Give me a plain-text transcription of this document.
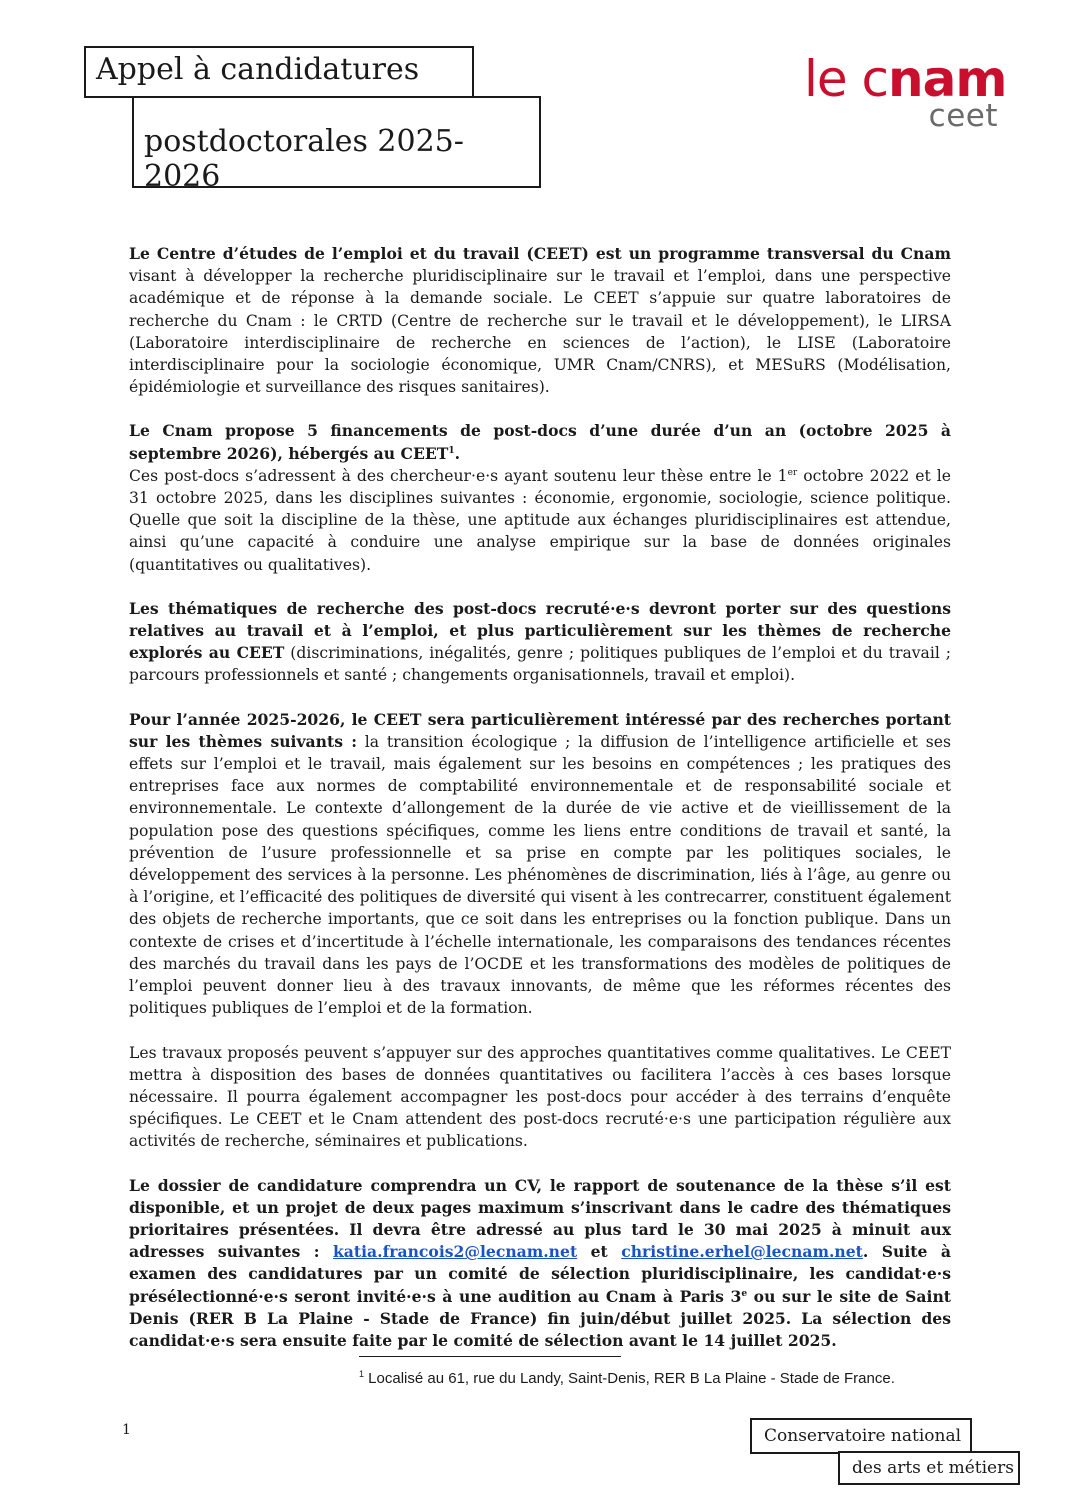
Appel à candidatures
postdoctorales 2025-2026
le cnam
ceet

Le Centre d’études de l’emploi et du travail (CEET) est un programme transversal du Cnam visant à développer la recherche pluridisciplinaire sur le travail et l’emploi, dans une perspective académique et de réponse à la demande sociale. Le CEET s’appuie sur quatre laboratoires de recherche du Cnam : le CRTD (Centre de recherche sur le travail et le développement), le LIRSA (Laboratoire interdisciplinaire de recherche en sciences de l’action), le LISE (Laboratoire interdisciplinaire pour la sociologie économique, UMR Cnam/CNRS), et MESuRS (Modélisation, épidémiologie et surveillance des risques sanitaires).

Le Cnam propose 5 financements de post-docs d’une durée d’un an (octobre 2025 à septembre 2026), hébergés au CEET$^1$.
Ces post-docs s’adressent à des chercheur·e·s ayant soutenu leur thèse entre le 1er octobre 2022 et le 31 octobre 2025, dans les disciplines suivantes : économie, ergonomie, sociologie, science politique. Quelle que soit la discipline de la thèse, une aptitude aux échanges pluridisciplinaires est attendue, ainsi qu’une capacité à conduire une analyse empirique sur la base de données originales (quantitatives ou qualitatives).

Les thématiques de recherche des post-docs recruté·e·s devront porter sur des questions relatives au travail et à l’emploi, et plus particulièrement sur les thèmes de recherche explorés au CEET (discriminations, inégalités, genre ; politiques publiques de l’emploi et du travail ; parcours professionnels et santé ; changements organisationnels, travail et emploi).

Pour l’année 2025-2026, le CEET sera particulièrement intéressé par des recherches portant sur les thèmes suivants : la transition écologique ; la diffusion de l’intelligence artificielle et ses effets sur l’emploi et le travail, mais également sur les besoins en compétences ; les pratiques des entreprises face aux normes de comptabilité environnementale et de responsabilité sociale et environnementale. Le contexte d’allongement de la durée de vie active et de vieillissement de la population pose des questions spécifiques, comme les liens entre conditions de travail et santé, la prévention de l’usure professionnelle et sa prise en compte par les politiques sociales, le développement des services à la personne. Les phénomènes de discrimination, liés à l’âge, au genre ou à l’origine, et l’efficacité des politiques de diversité qui visent à les contrecarrer, constituent également des objets de recherche importants, que ce soit dans les entreprises ou la fonction publique. Dans un contexte de crises et d’incertitude à l’échelle internationale, les comparaisons des tendances récentes des marchés du travail dans les pays de l’OCDE et les transformations des modèles de politiques de l’emploi peuvent donner lieu à des travaux innovants, de même que les réformes récentes des politiques publiques de l’emploi et de la formation.

Les travaux proposés peuvent s’appuyer sur des approches quantitatives comme qualitatives. Le CEET mettra à disposition des bases de données quantitatives ou facilitera l’accès à ces bases lorsque nécessaire. Il pourra également accompagner les post-docs pour accéder à des terrains d’enquête spécifiques. Le CEET et le Cnam attendent des post-docs recruté·e·s une participation régulière aux activités de recherche, séminaires et publications.

Le dossier de candidature comprendra un CV, le rapport de soutenance de la thèse s’il est disponible, et un projet de deux pages maximum s’inscrivant dans le cadre des thématiques prioritaires présentées. Il devra être adressé au plus tard le 30 mai 2025 à minuit aux adresses suivantes : katia.francois2@lecnam.net et christine.erhel@lecnam.net. Suite à examen des candidatures par un comité de sélection pluridisciplinaire, les candidat·e·s présélectionné·e·s seront invité·e·s à une audition au Cnam à Paris 3e ou sur le site de Saint Denis (RER B La Plaine - Stade de France) fin juin/début juillet 2025. La sélection des candidat·e·s sera ensuite faite par le comité de sélection avant le 14 juillet 2025.

$^1$ Localisé au 61, rue du Landy, Saint-Denis, RER B La Plaine - Stade de France.
1	Conservatoire national
des arts et métiers
